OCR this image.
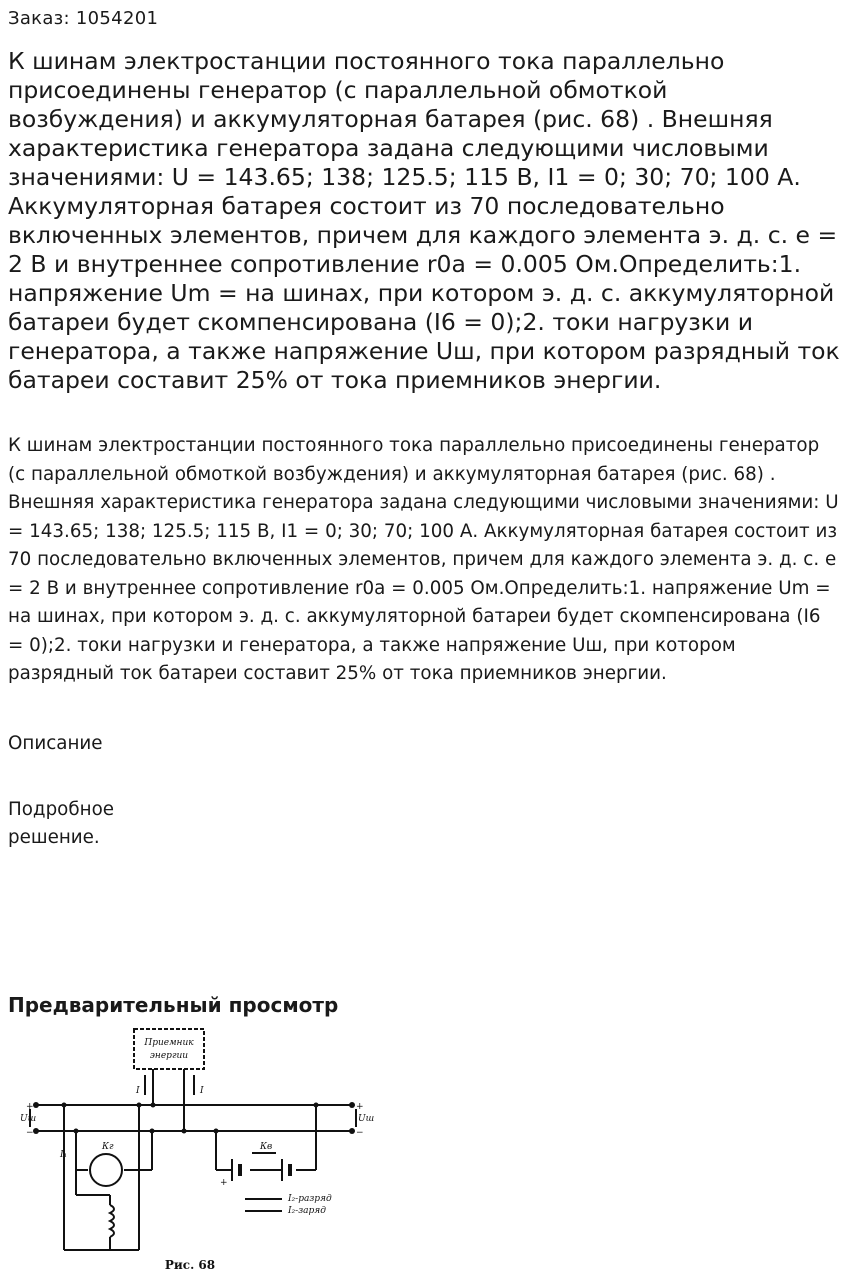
Заказ: 1054201
К шинам электростанции постоянного тока параллельно присоединены генератор (с параллельной обмоткой возбуждения) и аккумуляторная батарея (рис. 68) . Внешняя характеристика генератора задана следующими числовыми значениями: U = 143.65; 138; 125.5; 115 В, I1 = 0; 30; 70; 100 А. Аккумуляторная батарея состоит из 70 последовательно включенных элементов, причем для каждого элемента э. д. с. е = 2 В и внутреннее сопротивление r0а = 0.005 Ом.Определить:1. напряжение Um = на шинах, при котором э. д. с. аккумуляторной батареи будет скомпенсирована (I6 = 0);2. токи нагрузки и генератора, а также напряжение Uш, при котором разрядный ток батареи составит 25% от тока приемников энергии.
К шинам электростанции постоянного тока параллельно присоединены генератор (с параллельной обмоткой возбуждения) и аккумуляторная батарея (рис. 68) . Внешняя характеристика генератора задана следующими числовыми значениями: U = 143.65; 138; 125.5; 115 В, I1 = 0; 30; 70; 100 А. Аккумуляторная батарея состоит из 70 последовательно включенных элементов, причем для каждого элемента э. д. с. е = 2 В и внутреннее сопротивление r0а = 0.005 Ом.Определить:1. напряжение Um = на шинах, при котором э. д. с. аккумуляторной батареи будет скомпенсирована (I6 = 0);2. токи нагрузки и генератора, а также напряжение Uш, при котором разрядный ток батареи составит 25% от тока приемников энергии.
Описание
Подробное
решение.
Предварительный просмотр
Приемник
энергии
I	I
I₁
Кг	Кв
Uш	Uш
+
−
+
−
+
I₂-разряд
I₂-заряд
Рис. 68
